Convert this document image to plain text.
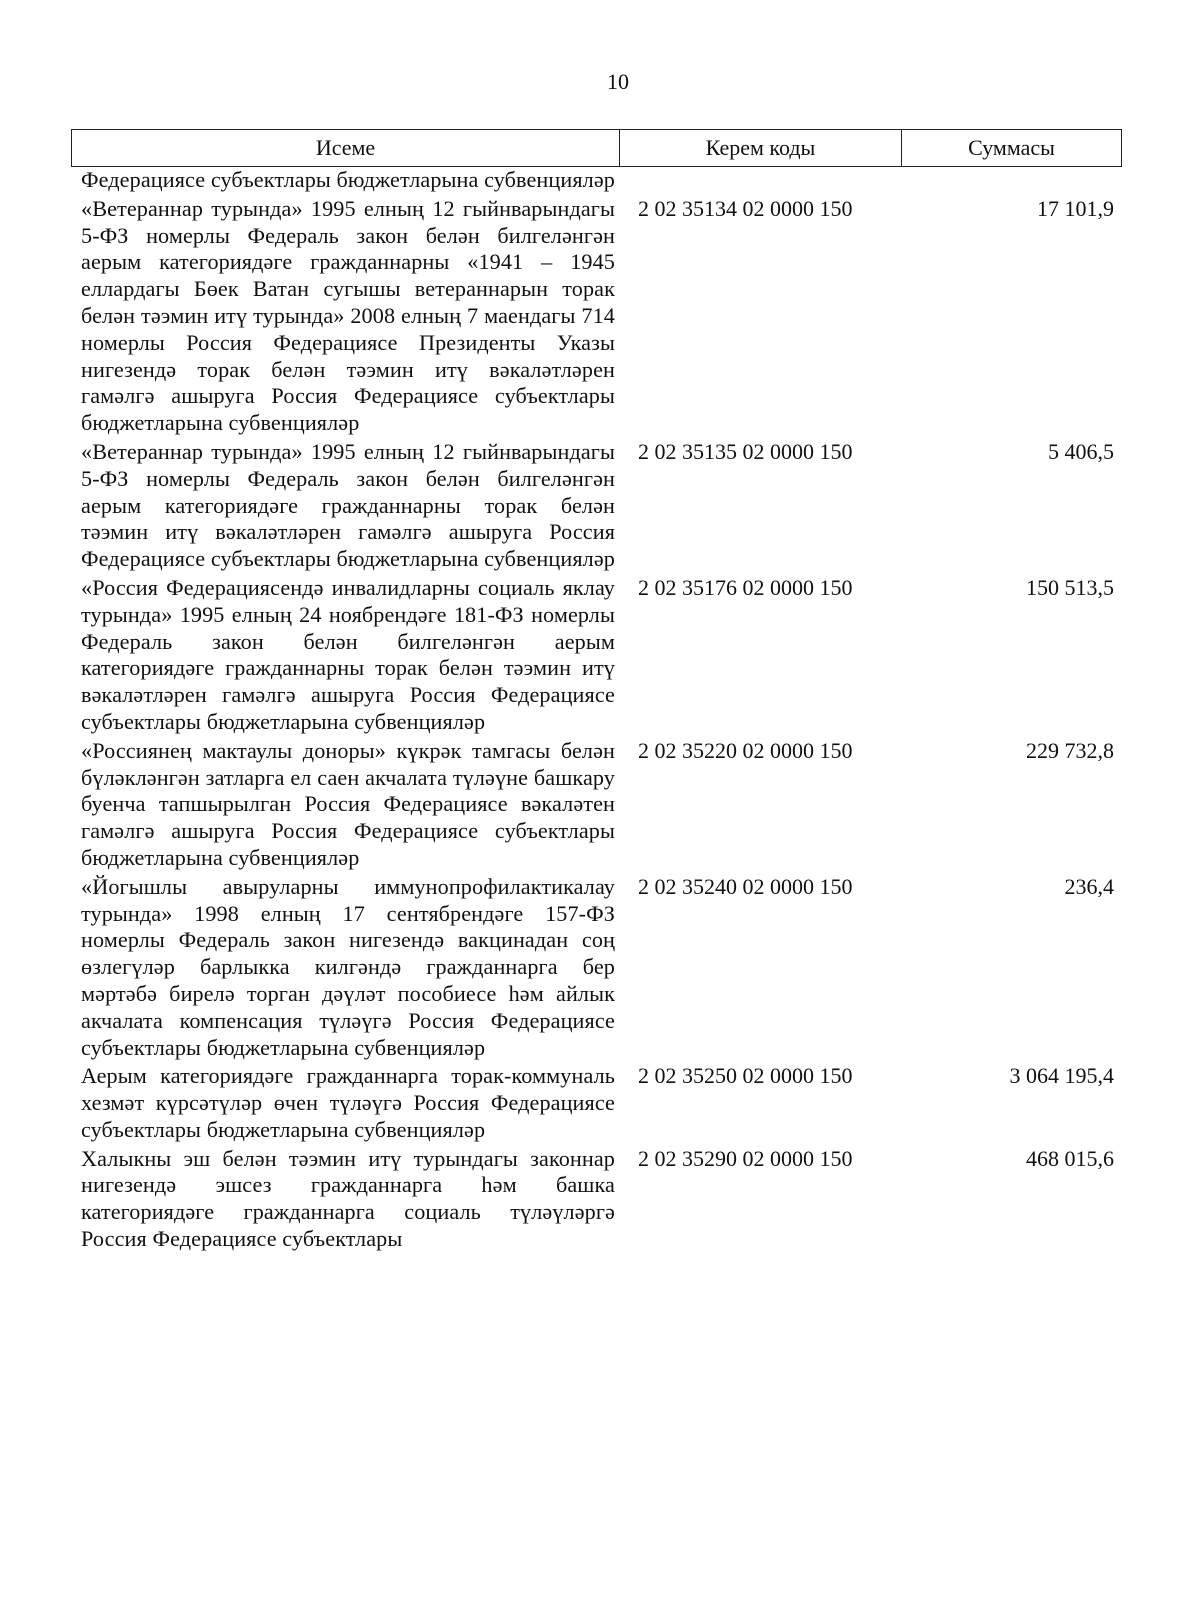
10
Исеме	Керем коды	Суммасы
Федерациясе субъектлары бюджетларына субвенцияләр
«Ветераннар турында» 1995 елның 12 гыйнварындагы 5-ФЗ номерлы Федераль закон белән билгеләнгән аерым категориядәге гражданнарны «1941 – 1945 еллардагы Бөек Ватан сугышы ветераннарын торак белән тәэмин итү турында» 2008 елның 7 маендагы 714 номерлы Россия Федерациясе Президенты Указы нигезендә торак белән тәэмин итү вәкаләтләрен гамәлгә ашыруга Россия Федерациясе субъектлары бюджетларына субвенцияләр
2 02 35134 02 0000 150	17 101,9
«Ветераннар турында» 1995 елның 12 гыйнварындагы 5-ФЗ номерлы Федераль закон белән билгеләнгән аерым категориядәге гражданнарны торак белән тәэмин итү вәкаләтләрен гамәлгә ашыруга Россия Федерациясе субъектлары бюджетларына субвенцияләр
2 02 35135 02 0000 150	5 406,5
«Россия Федерациясендә инвалидларны социаль яклау турында» 1995 елның 24 ноябрендәге 181-ФЗ номерлы Федераль закон белән билгеләнгән аерым категориядәге гражданнарны торак белән тәэмин итү вәкаләтләрен гамәлгә ашыруга Россия Федерациясе субъектлары бюджетларына субвенцияләр
2 02 35176 02 0000 150	150 513,5
«Россиянең мактаулы доноры» күкрәк тамгасы белән бүләкләнгән затларга ел саен акчалата түләүне башкару буенча тапшырылган Россия Федерациясе вәкаләтен гамәлгә ашыруга Россия Федерациясе субъектлары бюджетларына субвенцияләр
2 02 35220 02 0000 150	229 732,8
«Йогышлы авыруларны иммунопрофилактикалау турында» 1998 елның 17 сентябрендәге 157-ФЗ номерлы Федераль закон нигезендә вакцинадан соң өзлегүләр барлыкка килгәндә гражданнарга бер мәртәбә бирелә торган дәүләт пособиесе һәм айлык акчалата компенсация түләүгә Россия Федерациясе субъектлары бюджетларына субвенцияләр
2 02 35240 02 0000 150	236,4
Аерым категориядәге гражданнарга торак-коммуналь хезмәт күрсәтүләр өчен түләүгә Россия Федерациясе субъектлары бюджетларына субвенцияләр
2 02 35250 02 0000 150	3 064 195,4
Халыкны эш белән тәэмин итү турындагы законнар нигезендә эшсез гражданнарга һәм башка категориядәге гражданнарга социаль түләүләргә Россия Федерациясе субъектлары
2 02 35290 02 0000 150	468 015,6
